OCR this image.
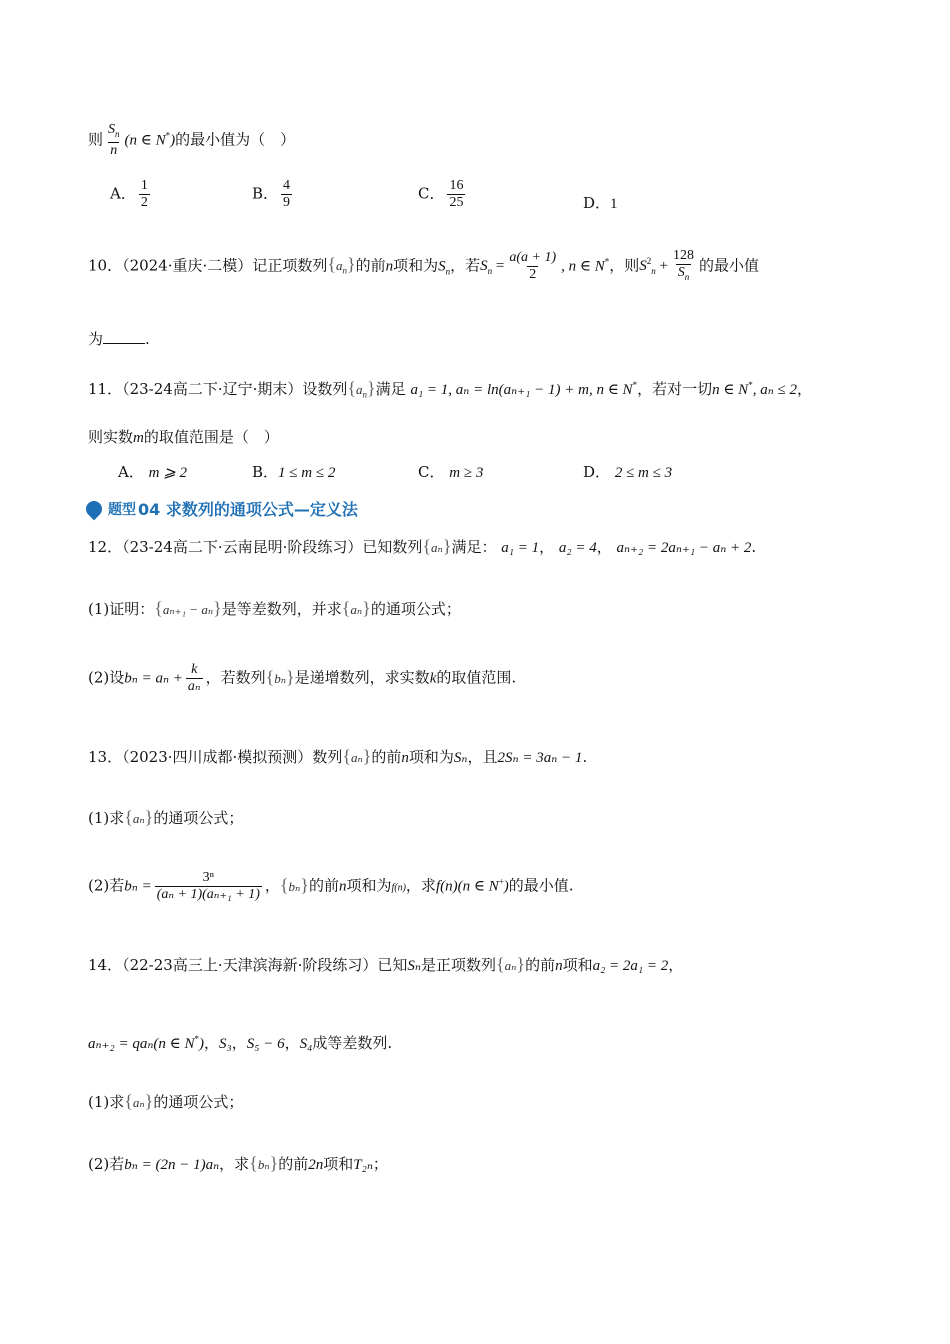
则 $\frac{S_n}{n} (n$ ∈ N*)的最小值为（　）
A． $\frac{1}{2}$	B． $\frac{4}{9}$	C． $\frac{16}{25}$	D．1
10．（2024·重庆·二模）记正项数列$\{a_n\}$的前n项和为$S_n$，若$S_n = \frac{a(a + 1)}{2}$ , n ∈ N*，则$S^2_n + \frac{128}{S_n}$ 的最小值
为	.
11．（23-24高二下·辽宁·期末）设数列$\{a_n\}$满足 a₁ = 1, aₙ = ln(aₙ₊₁ − 1) + m, n ∈ N*，若对一切n ∈ N*, aₙ ≤ 2，
则实数m的取值范围是（　）
A． m ⩾ 2	B．1 ≤ m ≤ 2	C． m ≥ 3	D． 2 ≤ m ≤ 3
题型 04 求数列的通项公式—定义法
12．（23-24高二下·云南昆明·阶段练习）已知数列{aₙ}满足： a₁ = 1， a₂ = 4， aₙ₊₂ = 2aₙ₊₁ − aₙ + 2.
(1)证明：{aₙ₊₁ − aₙ}是等差数列，并求{aₙ}的通项公式；
(2)设$b_n = a_n + \frac{k}{\text{aₙ}}$ ，若数列{bₙ}是递增数列，求实数k的取值范围.
13．（2023·四川成都·模拟预测）数列{aₙ}的前n项和为Sₙ，且2Sₙ = 3aₙ − 1.
(1)求{aₙ}的通项公式；
(2)若$b_n = \frac{\text{3ⁿ}}{\text{(aₙ + 1)(aₙ₊₁ + 1)}}$ ，{bₙ}的前n项和为f(n)，求f(n)(n ∈ N+)的最小值.
14．（22-23高三上·天津滨海新·阶段练习）已知Sₙ是正项数列{aₙ}的前n项和a₂ = 2a₁ = 2，
aₙ₊₂ = qaₙ(n ∈ N*)，S₃，S₅ − 6，S₄成等差数列.
(1)求{aₙ}的通项公式；
(2)若bₙ = (2n − 1)aₙ，求{bₙ}的前2n项和T₂ₙ；
